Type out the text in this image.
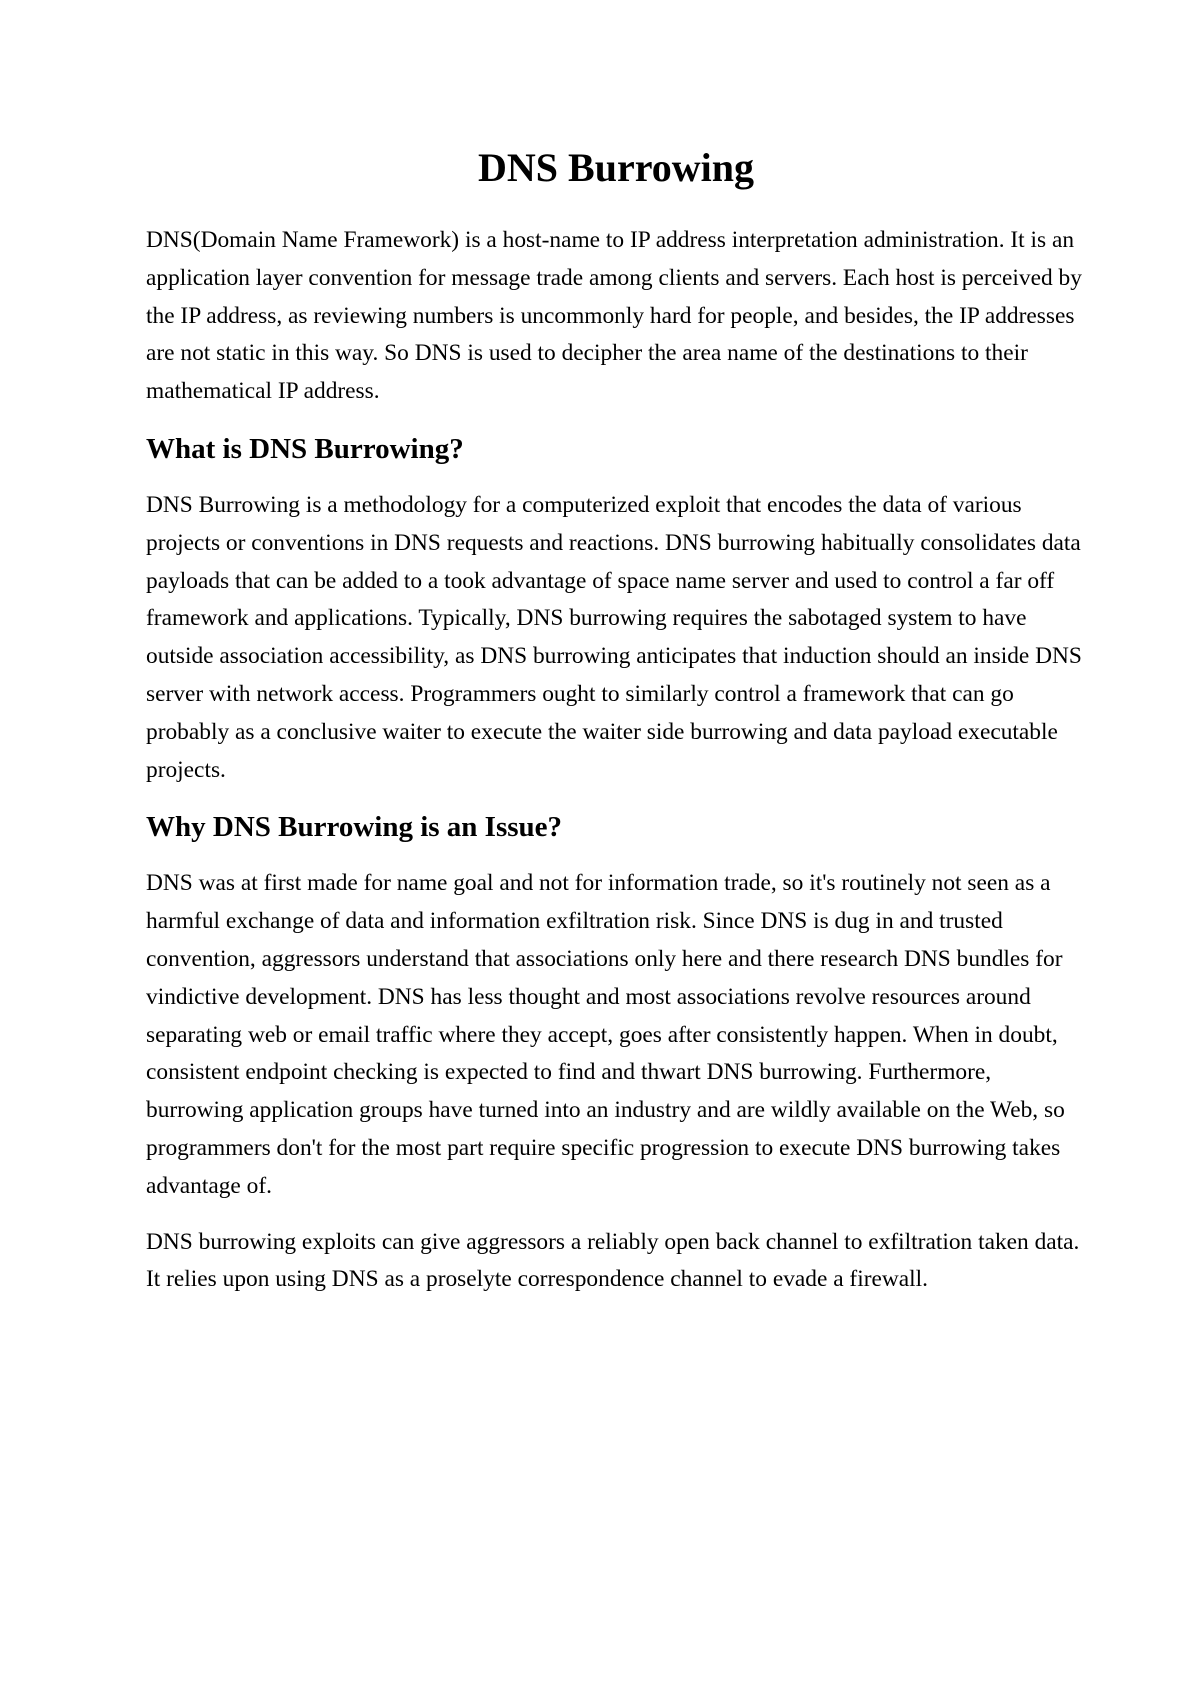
DNS Burrowing

DNS(Domain Name Framework) is a host-name to IP address interpretation administration. It is an application layer convention for message trade among clients and servers. Each host is perceived by the IP address, as reviewing numbers is uncommonly hard for people, and besides, the IP addresses are not static in this way. So DNS is used to decipher the area name of the destinations to their mathematical IP address.

What is DNS Burrowing?

DNS Burrowing is a methodology for a computerized exploit that encodes the data of various projects or conventions in DNS requests and reactions. DNS burrowing habitually consolidates data payloads that can be added to a took advantage of space name server and used to control a far off framework and applications. Typically, DNS burrowing requires the sabotaged system to have outside association accessibility, as DNS burrowing anticipates that induction should an inside DNS server with network access. Programmers ought to similarly control a framework that can go probably as a conclusive waiter to execute the waiter side burrowing and data payload executable projects.

Why DNS Burrowing is an Issue?

DNS was at first made for name goal and not for information trade, so it's routinely not seen as a harmful exchange of data and information exfiltration risk. Since DNS is dug in and trusted convention, aggressors understand that associations only here and there research DNS bundles for vindictive development. DNS has less thought and most associations revolve resources around separating web or email traffic where they accept, goes after consistently happen. When in doubt, consistent endpoint checking is expected to find and thwart DNS burrowing. Furthermore, burrowing application groups have turned into an industry and are wildly available on the Web, so programmers don't for the most part require specific progression to execute DNS burrowing takes advantage of.

DNS burrowing exploits can give aggressors a reliably open back channel to exfiltration taken data. It relies upon using DNS as a proselyte correspondence channel to evade a firewall.
